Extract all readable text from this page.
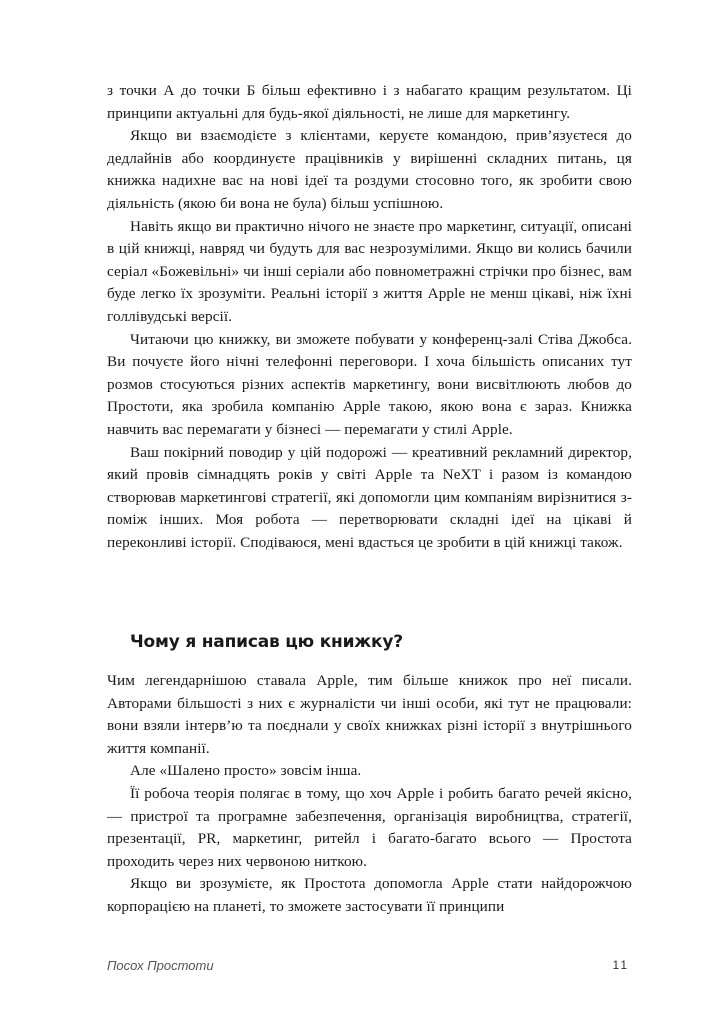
з точки А до точки Б більш ефективно і з набагато кращим результатом. Ці принципи актуальні для будь-якої діяльності, не лише для маркетингу.

Якщо ви взаємодієте з клієнтами, керуєте командою, прив’язуєтеся до дедлайнів або координуєте працівників у вирішенні складних питань, ця книжка надихне вас на нові ідеї та роздуми стосовно того, як зробити свою діяльність (якою би вона не була) більш успішною.

Навіть якщо ви практично нічого не знаєте про маркетинг, ситуації, описані в цій книжці, навряд чи будуть для вас незрозумілими. Якщо ви колись бачили серіал «Божевільні» чи інші серіали або повнометражні стрічки про бізнес, вам буде легко їх зрозуміти. Реальні історії з життя Apple не менш цікаві, ніж їхні голлівудські версії.

Читаючи цю книжку, ви зможете побувати у конференц-залі Стіва Джобса. Ви почуєте його нічні телефонні переговори. І хоча більшість описаних тут розмов стосуються різних аспектів маркетингу, вони висвітлюють любов до Простоти, яка зробила компанію Apple такою, якою вона є зараз. Книжка навчить вас перемагати у бізнесі — перемагати у стилі Apple.

Ваш покірний поводир у цій подорожі — креативний рекламний директор, який провів сімнадцять років у світі Apple та NeXT і разом із командою створював маркетингові стратегії, які допомогли цим компаніям вирізнитися з-поміж інших. Моя робота — перетворювати складні ідеї на цікаві й переконливі історії. Сподіваюся, мені вдасться це зробити в цій книжці також.

Чому я написав цю книжку?

Чим легендарнішою ставала Apple, тим більше книжок про неї писали. Авторами більшості з них є журналісти чи інші особи, які тут не працювали: вони взяли інтерв’ю та поєднали у своїх книжках різні історії з внутрішнього життя компанії.

Але «Шалено просто» зовсім інша.

Її робоча теорія полягає в тому, що хоч Apple і робить багато речей якісно, — пристрої та програмне забезпечення, організація виробництва, стратегії, презентації, PR, маркетинг, ритейл і багато-багато всього — Простота проходить через них червоною ниткою.

Якщо ви зрозумієте, як Простота допомогла Apple стати найдорожчою корпорацією на планеті, то зможете застосувати її принципи

Посох Простоти	11
